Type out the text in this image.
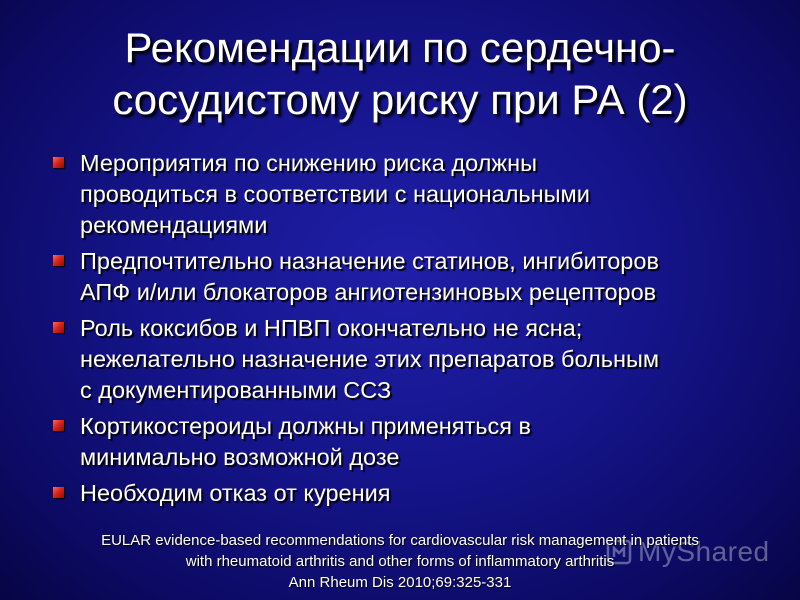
Рекомендации по сердечно-
сосудистому риску при РА (2)
Мероприятия по снижению риска должны
проводиться в соответствии с национальными
рекомендациями
Предпочтительно назначение статинов, ингибиторов
АПФ и/или блокаторов ангиотензиновых рецепторов
Роль коксибов и НПВП окончательно не ясна;
нежелательно назначение этих препаратов больным
с документированными ССЗ
Кортикостероиды должны применяться в
минимально возможной дозе
Необходим отказ от курения
MyShared
EULAR evidence-based recommendations for cardiovascular risk management in patients
with rheumatoid arthritis and other forms of inflammatory arthritis
Ann Rheum Dis 2010;69:325-331
